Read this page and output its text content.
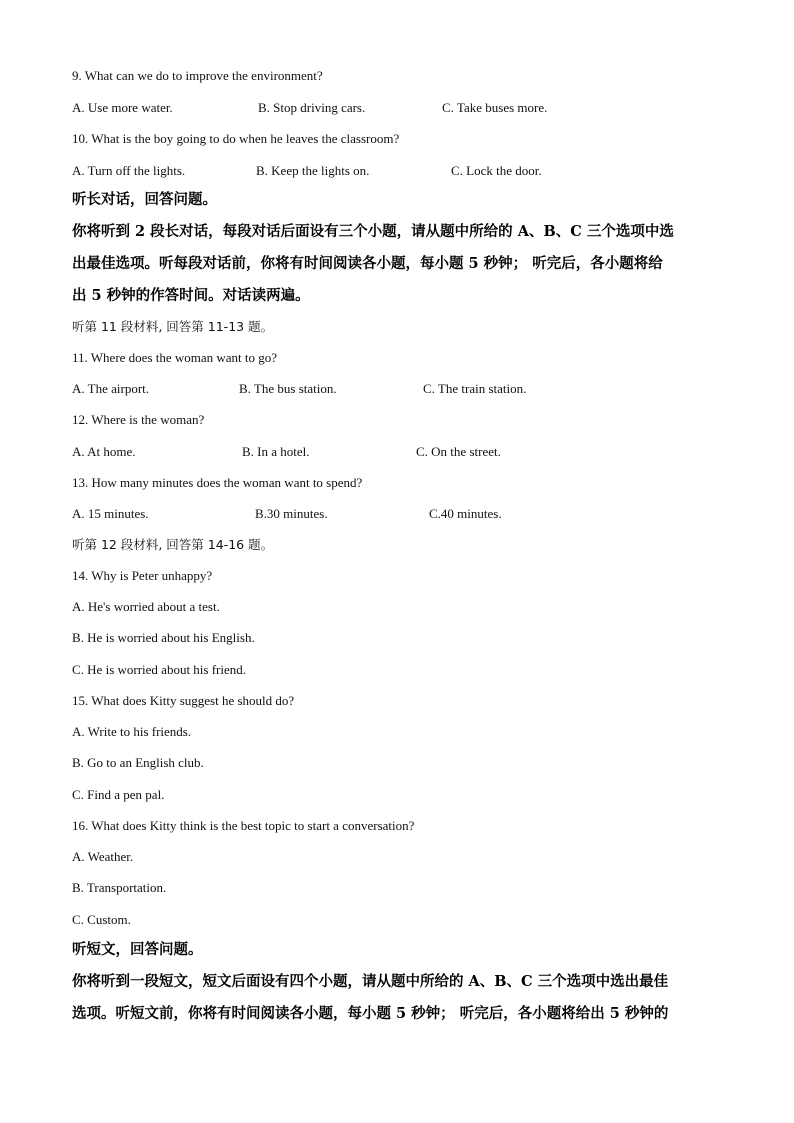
9. What can we do to improve the environment?
A. Use more water.	B. Stop driving cars.	C. Take buses more.
10. What is the boy going to do when he leaves the classroom?
A. Turn off the lights.	B. Keep the lights on.	C. Lock the door.
听长对话，回答问题。
你将听到 2 段长对话，每段对话后面设有三个小题，请从题中所给的 A、B、C 三个选项中选
出最佳选项。听每段对话前，你将有时间阅读各小题，每小题 5 秒钟； 听完后，各小题将给
出 5 秒钟的作答时间。对话读两遍。
听第 11 段材料, 回答第 11-13 题。
11. Where does the woman want to go?
A. The airport.	B. The bus station.	C. The train station.
12. Where is the woman?
A. At home.	B. In a hotel.	C. On the street.
13. How many minutes does the woman want to spend?
A. 15 minutes.	B.30 minutes.	C.40 minutes.
听第 12 段材料, 回答第 14-16 题。
14. Why is Peter unhappy?
A. He's worried about a test.
B. He is worried about his English.
C. He is worried about his friend.
15. What does Kitty suggest he should do?
A. Write to his friends.
B. Go to an English club.
C. Find a pen pal.
16. What does Kitty think is the best topic to start a conversation?
A. Weather.
B. Transportation.
C. Custom.
听短文，回答问题。
你将听到一段短文，短文后面设有四个小题，请从题中所给的 A、B、C 三个选项中选出最佳
选项。听短文前，你将有时间阅读各小题，每小题 5 秒钟； 听完后，各小题将给出 5 秒钟的
